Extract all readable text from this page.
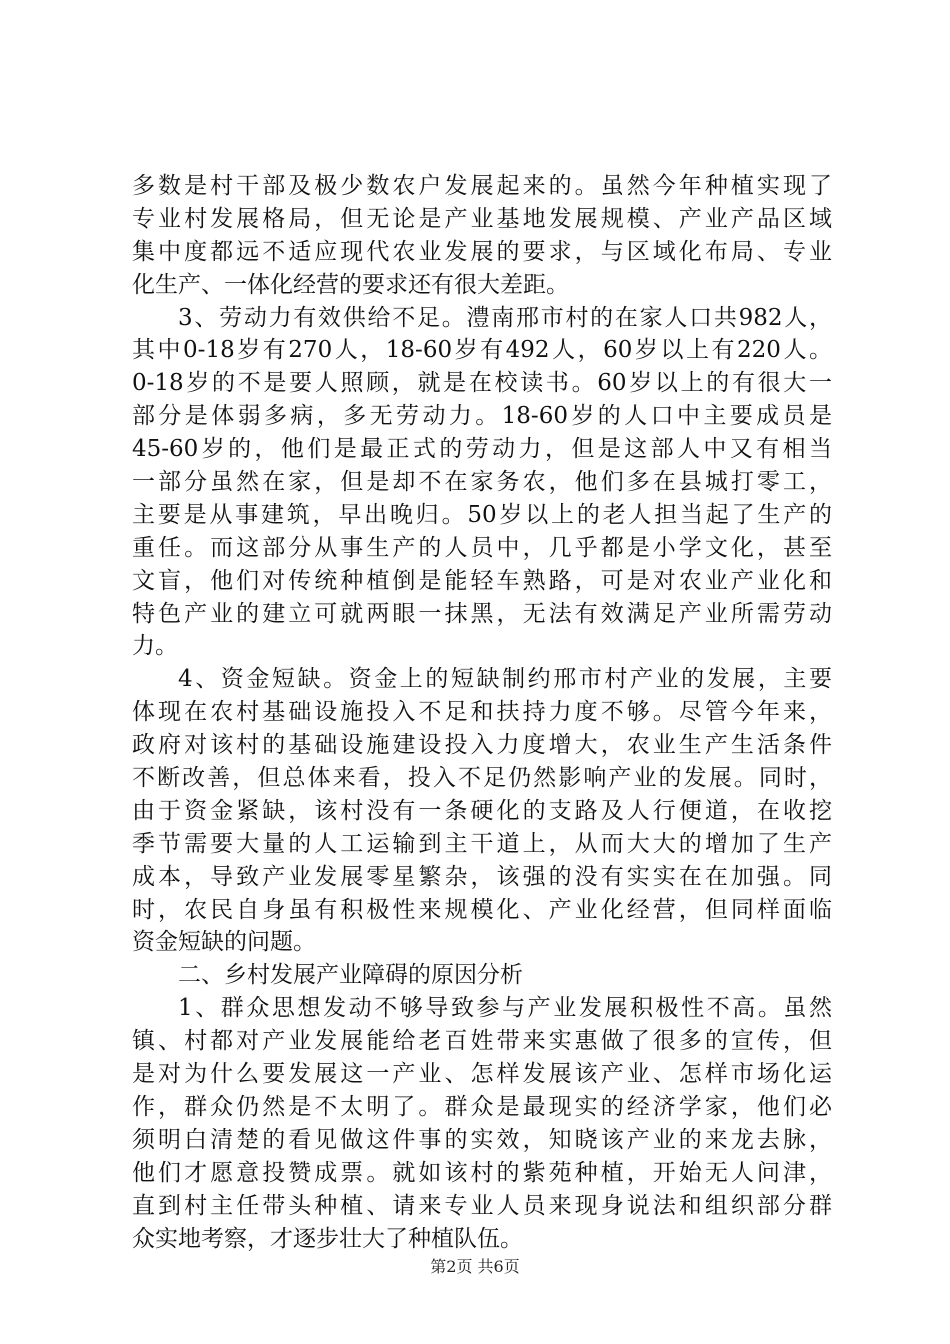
多数是村干部及极少数农户发展起来的。虽然今年种植实现了
专业村发展格局，但无论是产业基地发展规模、产业产品区域
集中度都远不适应现代农业发展的要求，与区域化布局、专业
化生产、一体化经营的要求还有很大差距。
3、劳动力有效供给不足。澧南邢市村的在家人口共982人，
其中0-18岁有270人，18-60岁有492人，60岁以上有220人。
0-18岁的不是要人照顾，就是在校读书。60岁以上的有很大一
部分是体弱多病，多无劳动力。18-60岁的人口中主要成员是
45-60岁的，他们是最正式的劳动力，但是这部人中又有相当
一部分虽然在家，但是却不在家务农，他们多在县城打零工，
主要是从事建筑，早出晚归。50岁以上的老人担当起了生产的
重任。而这部分从事生产的人员中，几乎都是小学文化，甚至
文盲，他们对传统种植倒是能轻车熟路，可是对农业产业化和
特色产业的建立可就两眼一抹黑，无法有效满足产业所需劳动
力。
4、资金短缺。资金上的短缺制约邢市村产业的发展，主要
体现在农村基础设施投入不足和扶持力度不够。尽管今年来，
政府对该村的基础设施建设投入力度增大，农业生产生活条件
不断改善，但总体来看，投入不足仍然影响产业的发展。同时，
由于资金紧缺，该村没有一条硬化的支路及人行便道，在收挖
季节需要大量的人工运输到主干道上，从而大大的增加了生产
成本，导致产业发展零星繁杂，该强的没有实实在在加强。同
时，农民自身虽有积极性来规模化、产业化经营，但同样面临
资金短缺的问题。
二、乡村发展产业障碍的原因分析
1、群众思想发动不够导致参与产业发展积极性不高。虽然
镇、村都对产业发展能给老百姓带来实惠做了很多的宣传，但
是对为什么要发展这一产业、怎样发展该产业、怎样市场化运
作，群众仍然是不太明了。群众是最现实的经济学家，他们必
须明白清楚的看见做这件事的实效，知晓该产业的来龙去脉，
他们才愿意投赞成票。就如该村的紫苑种植，开始无人问津，
直到村主任带头种植、请来专业人员来现身说法和组织部分群
众实地考察，才逐步壮大了种植队伍。
第2页 共6页
